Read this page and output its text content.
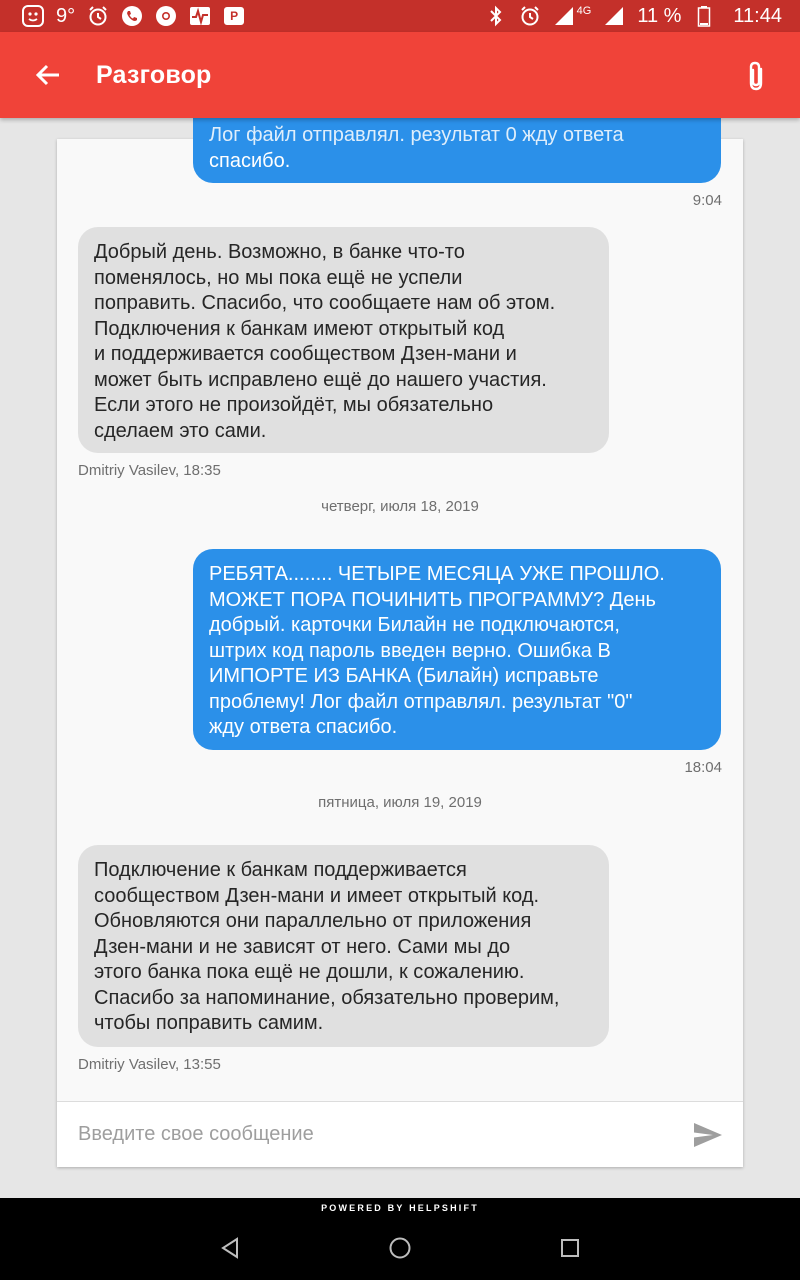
9°	P	4G 11 %	11:44
Разговор
Лог файл отправлял. результат 0 жду ответа
спасибо.
9:04
Добрый день. Возможно, в банке что-то
поменялось, но мы пока ещё не успели
поправить. Спасибо, что сообщаете нам об этом.
Подключения к банкам имеют открытый код
и поддерживается сообществом Дзен-мани и
может быть исправлено ещё до нашего участия.
Если этого не произойдёт, мы обязательно
сделаем это сами.
Dmitriy Vasilev, 18:35
четверг, июля 18, 2019
РЕБЯТА........ ЧЕТЫРЕ МЕСЯЦА УЖЕ ПРОШЛО.
МОЖЕТ ПОРА ПОЧИНИТЬ ПРОГРАММУ? День
добрый. карточки Билайн не подключаются,
штрих код пароль введен верно. Ошибка В
ИМПОРТЕ ИЗ БАНКА (Билайн) исправьте
проблему! Лог файл отправлял. результат "0"
жду ответа спасибо.
18:04
пятница, июля 19, 2019
Подключение к банкам поддерживается
сообществом Дзен-мани и имеет открытый код.
Обновляются они параллельно от приложения
Дзен-мани и не зависят от него. Сами мы до
этого банка пока ещё не дошли, к сожалению.
Спасибо за напоминание, обязательно проверим,
чтобы поправить самим.
Dmitriy Vasilev, 13:55
Введите свое сообщение
POWERED BY HELPSHIFT
